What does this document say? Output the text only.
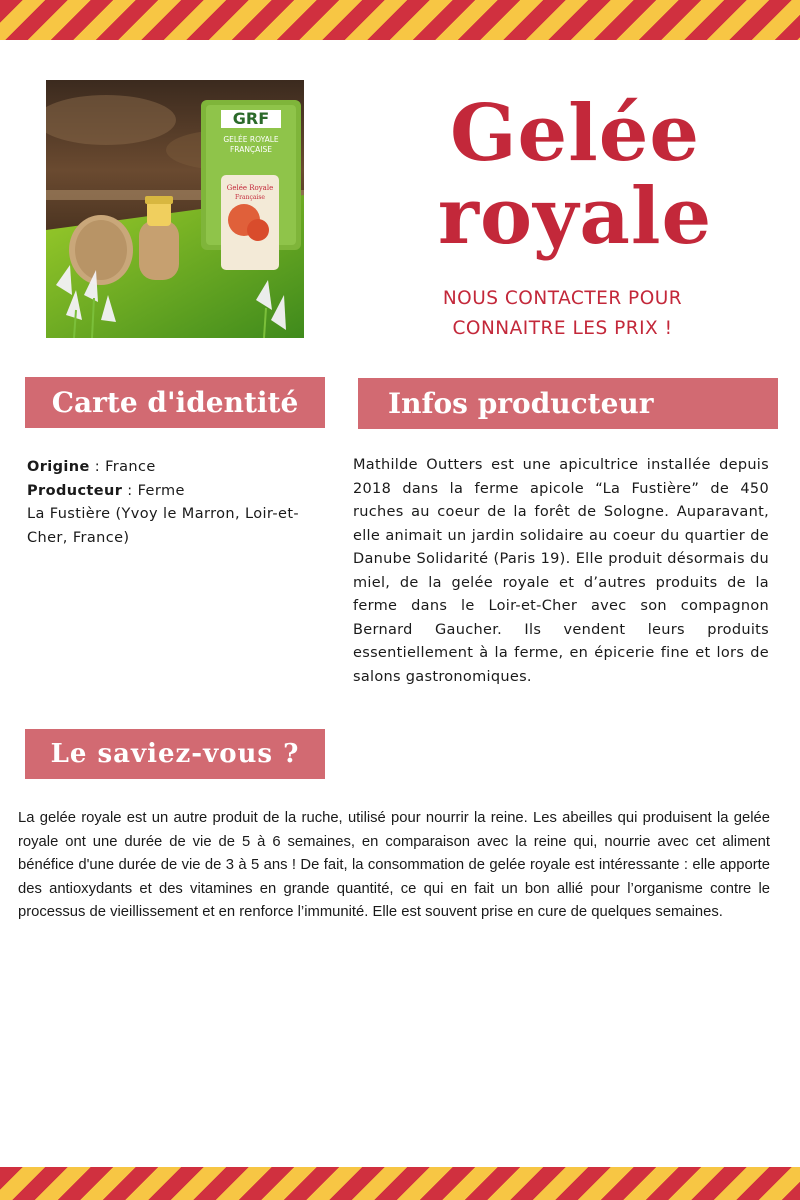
GRF
GELÉE ROYALE
FRANÇAISE
Gelée Royale
Française
Gelée
royale
NOUS CONTACTER POUR
CONNAITRE LES PRIX !
Carte d'identité	Infos producteur
Origine : France
Producteur : Ferme
La Fustière (Yvoy le Marron, Loir-et-Cher, France)
Mathilde Outters est une apicultrice installée depuis 2018 dans la ferme apicole “La Fustière” de 450 ruches au coeur de la forêt de Sologne. Auparavant, elle animait un jardin solidaire au coeur du quartier de Danube Solidarité (Paris 19). Elle produit désormais du miel, de la gelée royale et d’autres produits de la ferme dans le Loir-et-Cher avec son compagnon Bernard Gaucher. Ils vendent leurs produits essentiellement à la ferme, en épicerie fine et lors de salons gastronomiques.
Le saviez-vous ?
La gelée royale est un autre produit de la ruche, utilisé pour nourrir la reine. Les abeilles qui produisent la gelée royale ont une durée de vie de 5 à 6 semaines, en comparaison avec la reine qui, nourrie avec cet aliment bénéfice d'une durée de vie de 3 à 5 ans ! De fait, la consommation de gelée royale est intéressante : elle apporte des antioxydants et des vitamines en grande quantité, ce qui en fait un bon allié pour l’organisme contre le processus de vieillissement et en renforce l’immunité. Elle est souvent prise en cure de quelques semaines.
